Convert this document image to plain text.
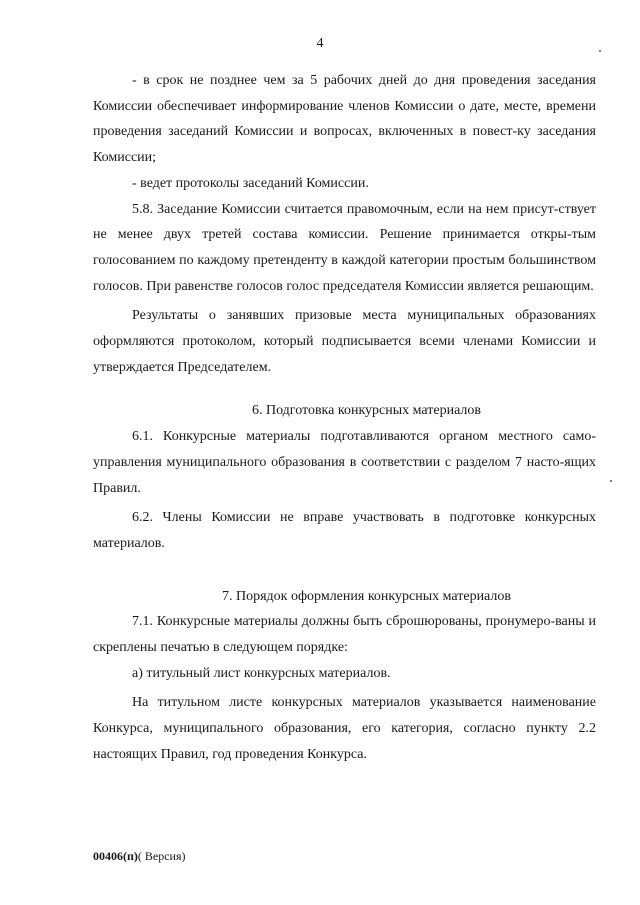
4

- в срок не позднее чем за 5 рабочих дней до дня проведения заседания Комиссии обеспечивает информирование членов Комиссии о дате, месте, времени проведения заседаний Комиссии и вопросах, включенных в повест-ку заседания Комиссии;

- ведет протоколы заседаний Комиссии.

5.8. Заседание Комиссии считается правомочным, если на нем присут-ствует не менее двух третей состава комиссии. Решение принимается откры-тым голосованием по каждому претенденту в каждой категории простым большинством голосов. При равенстве голосов голос председателя Комиссии является решающим.

Результаты о занявших призовые места муниципальных образованиях оформляются протоколом, который подписывается всеми членами Комиссии и утверждается Председателем.

6. Подготовка конкурсных материалов

6.1. Конкурсные материалы подготавливаются органом местного само-управления муниципального образования в соответствии с разделом 7 насто-ящих Правил.

6.2. Члены Комиссии не вправе участвовать в подготовке конкурсных материалов.

7. Порядок оформления конкурсных материалов

7.1. Конкурсные материалы должны быть сброшюрованы, пронумеро-ваны и скреплены печатью в следующем порядке:

а) титульный лист конкурсных материалов.

На титульном листе конкурсных материалов указывается наименование Конкурса, муниципального образования, его категория, согласно пункту 2.2 настоящих Правил, год проведения Конкурса.

00406(п)( Версия)
